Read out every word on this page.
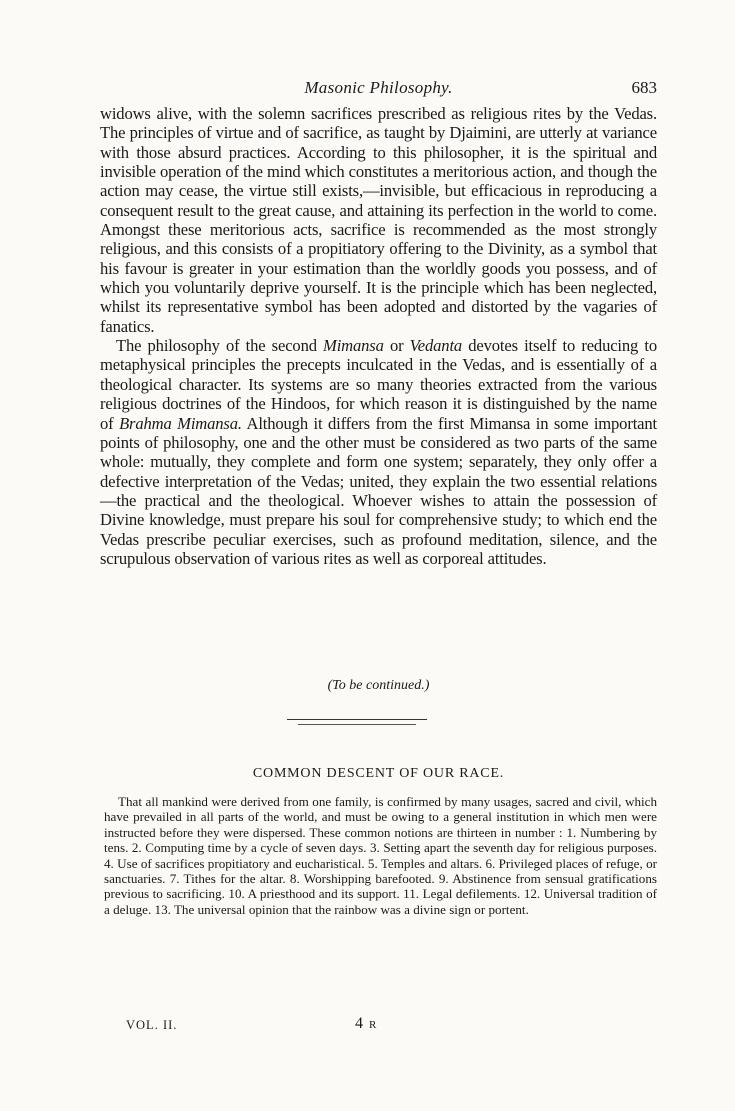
Masonic Philosophy.	683

widows alive, with the solemn sacrifices prescribed as religious rites by the Vedas. The principles of virtue and of sacrifice, as taught by Djaimini, are utterly at variance with those absurd practices. According to this philosopher, it is the spiritual and invisible operation of the mind which constitutes a meritorious action, and though the action may cease, the virtue still exists,—invisible, but efficacious in reproducing a consequent result to the great cause, and attaining its perfection in the world to come. Amongst these meritorious acts, sacrifice is recommended as the most strongly religious, and this consists of a propitiatory offering to the Divinity, as a symbol that his favour is greater in your estimation than the worldly goods you possess, and of which you voluntarily deprive yourself. It is the principle which has been neglected, whilst its representative symbol has been adopted and distorted by the vagaries of fanatics.

The philosophy of the second Mimansa or Vedanta devotes itself to reducing to metaphysical principles the precepts inculcated in the Vedas, and is essentially of a theological character. Its systems are so many theories extracted from the various religious doctrines of the Hindoos, for which reason it is distinguished by the name of Brahma Mimansa. Although it differs from the first Mimansa in some important points of philosophy, one and the other must be considered as two parts of the same whole: mutually, they complete and form one system; separately, they only offer a defective interpretation of the Vedas; united, they explain the two essential relations—the practical and the theological. Whoever wishes to attain the possession of Divine knowledge, must prepare his soul for comprehensive study; to which end the Vedas prescribe peculiar exercises, such as profound meditation, silence, and the scrupulous observation of various rites as well as corporeal attitudes.

(To be continued.)
COMMON DESCENT OF OUR RACE.

That all mankind were derived from one family, is confirmed by many usages, sacred and civil, which have prevailed in all parts of the world, and must be owing to a general institution in which men were instructed before they were dispersed. These common notions are thirteen in number : 1. Numbering by tens. 2. Computing time by a cycle of seven days. 3. Setting apart the seventh day for religious purposes. 4. Use of sacrifices propitiatory and eucharistical. 5. Temples and altars. 6. Privileged places of refuge, or sanctuaries. 7. Tithes for the altar. 8. Worshipping barefooted. 9. Abstinence from sensual gratifications previous to sacrificing. 10. A priesthood and its support. 11. Legal defilements. 12. Universal tradition of a deluge. 13. The universal opinion that the rainbow was a divine sign or portent.

VOL. II.	4 R
